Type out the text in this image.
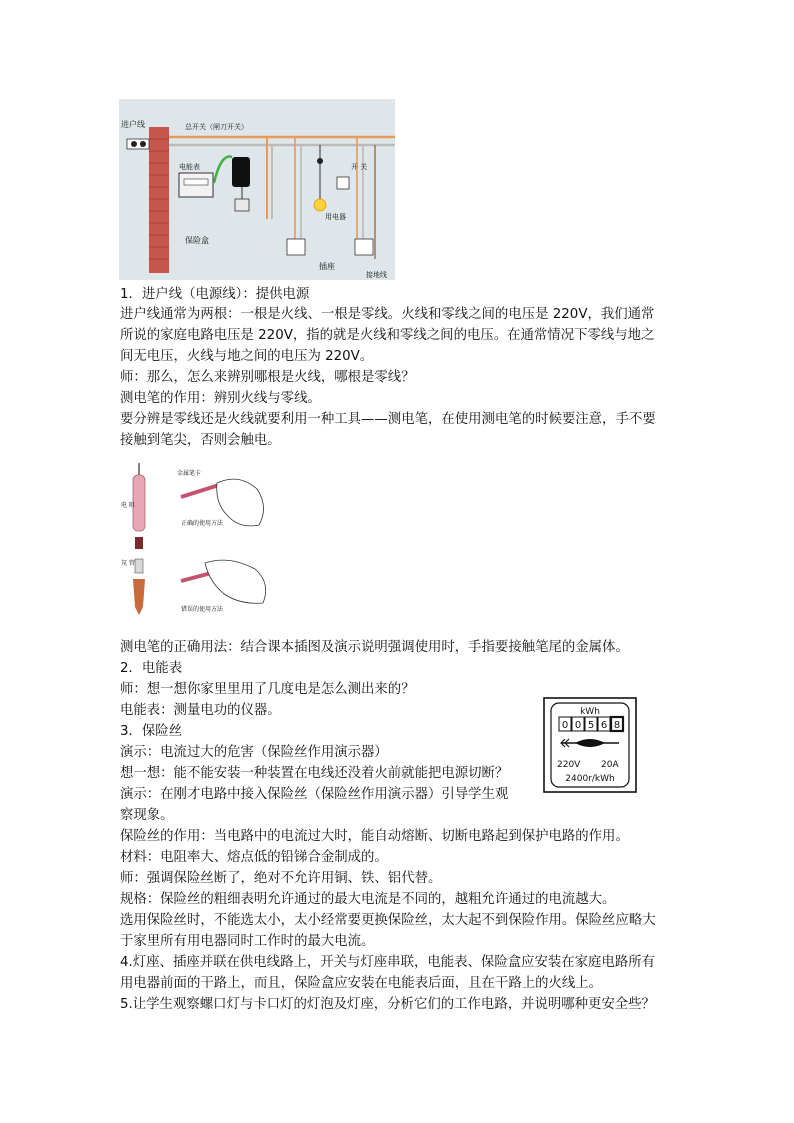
进户线	总开关（闸刀开关）
电能表
保险盒
开 关
用电器
插座
接地线
金属笔卡
正确的使用方法
电 阻
氖 管
错误的使用方法
kWh
0 0 5 6 8
220V 20A
2400r/kWh
1．进户线（电源线）：提供电源
进户线通常为两根：一根是火线、一根是零线。火线和零线之间的电压是 220V，我们通常
所说的家庭电路电压是 220V，指的就是火线和零线之间的电压。在通常情况下零线与地之
间无电压，火线与地之间的电压为 220V。
师：那么，怎么来辨别哪根是火线，哪根是零线？
测电笔的作用：辨别火线与零线。
要分辨是零线还是火线就要利用一种工具——测电笔，在使用测电笔的时候要注意，手不要
接触到笔尖，否则会触电。
测电笔的正确用法：结合课本插图及演示说明强调使用时，手指要接触笔尾的金属体。
2．电能表
师：想一想你家里里用了几度电是怎么测出来的？
电能表：测量电功的仪器。
3．保险丝
演示：电流过大的危害（保险丝作用演示器）
想一想：能不能安装一种装置在电线还没着火前就能把电源切断？
演示：在刚才电路中接入保险丝（保险丝作用演示器）引导学生观
察现象。
保险丝的作用：当电路中的电流过大时，能自动熔断、切断电路起到保护电路的作用。
材料：电阻率大、熔点低的铅锑合金制成的。
师：强调保险丝断了，绝对不允许用铜、铁、铝代替。
规格：保险丝的粗细表明允许通过的最大电流是不同的，越粗允许通过的电流越大。
选用保险丝时，不能选太小，太小经常要更换保险丝，太大起不到保险作用。保险丝应略大
于家里所有用电器同时工作时的最大电流。
4.灯座、插座并联在供电线路上，开关与灯座串联，电能表、保险盒应安装在家庭电路所有
用电器前面的干路上，而且，保险盒应安装在电能表后面，且在干路上的火线上。
5.让学生观察螺口灯与卡口灯的灯泡及灯座，分析它们的工作电路，并说明哪种更安全些？
